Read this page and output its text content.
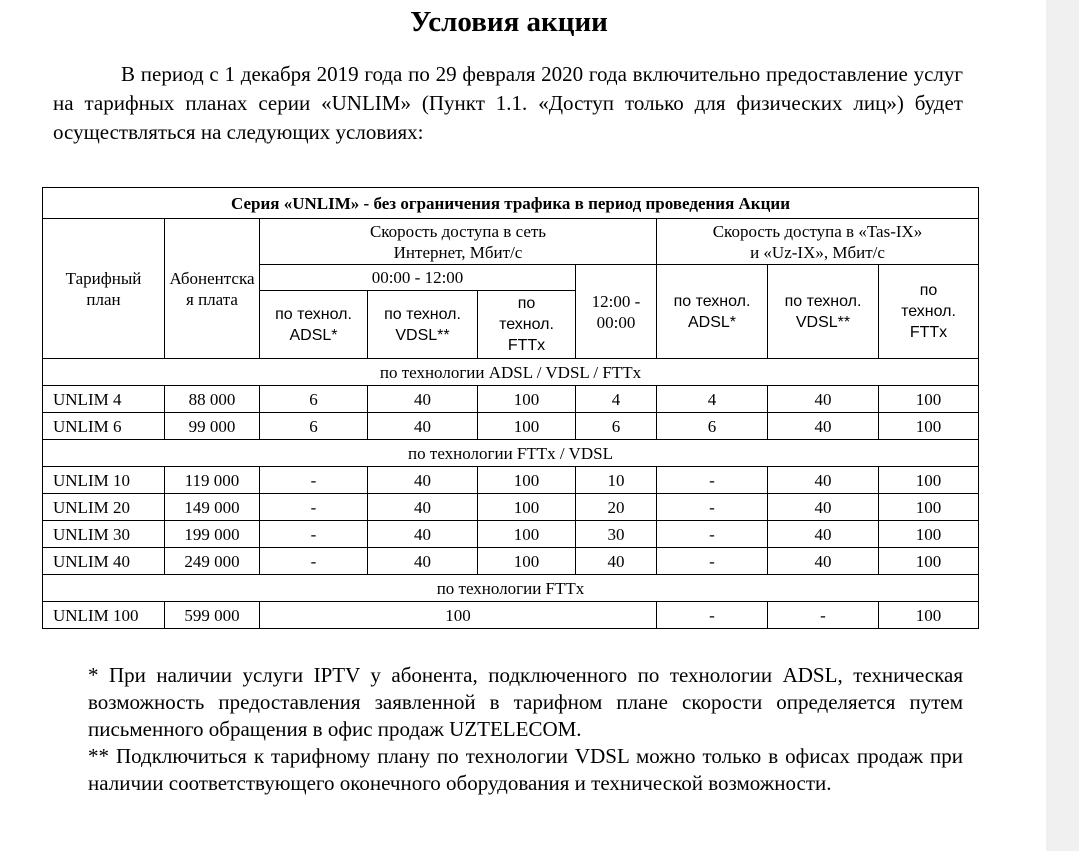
Условия акции
В период с 1 декабря 2019 года по 29 февраля 2020 года включительно предоставление услуг на тарифных планах серии «UNLIM» (Пункт 1.1. «Доступ только для физических лиц») будет осуществляться на следующих условиях:
Серия «UNLIM» - без ограничения трафика в период проведения Акции								
Тарифный план	Абонентская плата	Скорость доступа в сеть Интернет, Мбит/с				Скорость доступа в «Tas-IX» и «Uz-IX», Мбит/с		
		00:00 - 12:00			12:00 - 00:00	по технол. ADSL*	по технол. VDSL**	по технол. FTTx
		по технол. ADSL*	по технол. VDSL**	по технол. FTTx				
по технологии ADSL / VDSL / FTTx								
UNLIM 4	88 000	6	40	100	4	4	40	100
UNLIM 6	99 000	6	40	100	6	6	40	100
по технологии FTTx / VDSL								
UNLIM 10	119 000	-	40	100	10	-	40	100
UNLIM 20	149 000	-	40	100	20	-	40	100
UNLIM 30	199 000	-	40	100	30	-	40	100
UNLIM 40	249 000	-	40	100	40	-	40	100
по технологии FTTx								
UNLIM 100	599 000	100				-	-	100

* При наличии услуги IPTV у абонента, подключенного по технологии ADSL, техническая возможность предоставления заявленной в тарифном плане скорости определяется путем письменного обращения в офис продаж UZTELECOM.

** Подключиться к тарифному плану по технологии VDSL можно только в офисах продаж при наличии соответствующего оконечного оборудования и технической возможности.
